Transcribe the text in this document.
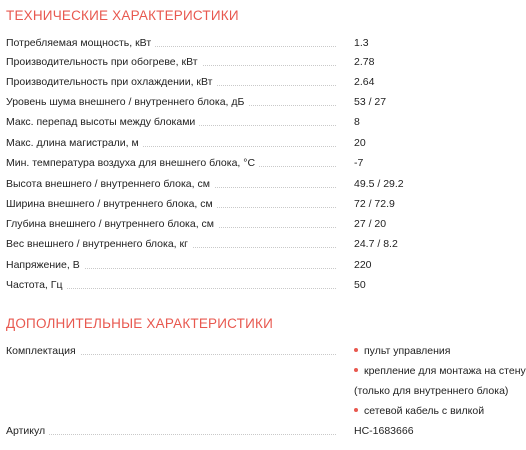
ТЕХНИЧЕСКИЕ ХАРАКТЕРИСТИКИ
Потребляемая мощность, кВт	1.3
Производительность при обогреве, кВт	2.78
Производительность при охлаждении, кВт	2.64
Уровень шума внешнего / внутреннего блока, дБ	53 / 27
Макс. перепад высоты между блоками	8
Макс. длина магистрали, м	20
Мин. температура воздуха для внешнего блока, °С	-7
Высота внешнего / внутреннего блока, см	49.5 / 29.2
Ширина внешнего / внутреннего блока, см	72 / 72.9
Глубина внешнего / внутреннего блока, см	27 / 20
Вес внешнего / внутреннего блока, кг	24.7 / 8.2
Напряжение, В	220
Частота, Гц	50
ДОПОЛНИТЕЛЬНЫЕ ХАРАКТЕРИСТИКИ
Комплектация	пульт управления
крепление для монтажа на стену
(только для внутреннего блока)
сетевой кабель с вилкой
Артикул	HC-1683666
